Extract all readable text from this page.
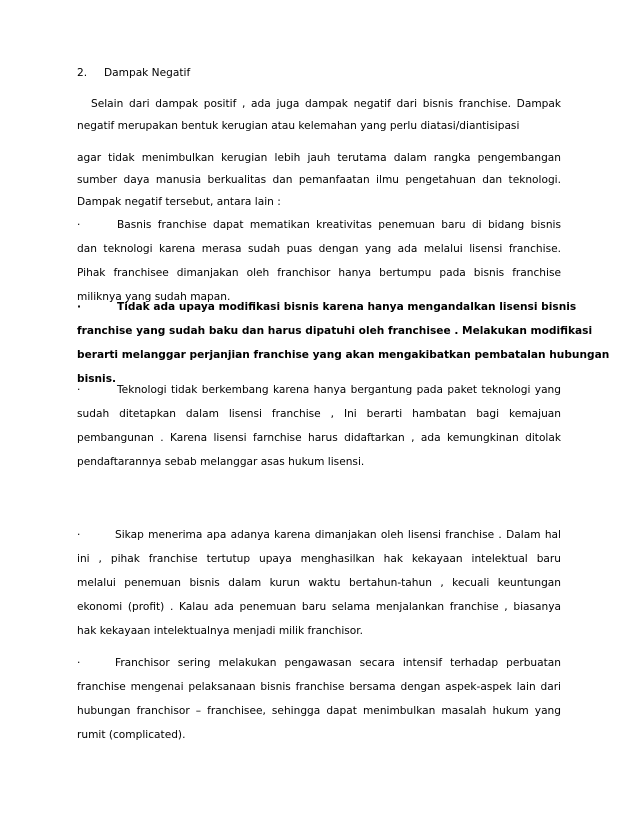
2. Dampak Negatif
Selain dari dampak positif , ada juga dampak negatif dari bisnis franchise. Dampak
negatif merupakan bentuk kerugian atau kelemahan yang perlu diatasi/diantisipasi
agar tidak menimbulkan kerugian lebih jauh terutama dalam rangka pengembangan
sumber daya manusia berkualitas dan pemanfaatan ilmu pengetahuan dan teknologi.
Dampak negatif tersebut, antara lain :
·	Basnis franchise dapat mematikan kreativitas penemuan baru di bidang bisnis
dan teknologi karena merasa sudah puas dengan yang ada melalui lisensi franchise.
Pihak franchisee dimanjakan oleh franchisor hanya bertumpu pada bisnis franchise
miliknya yang sudah mapan.
·	Tidak ada upaya modifikasi bisnis karena hanya mengandalkan lisensi bisnis
franchise yang sudah baku dan harus dipatuhi oleh franchisee . Melakukan modifikasi
berarti melanggar perjanjian franchise yang akan mengakibatkan pembatalan hubungan
bisnis.
·	Teknologi tidak berkembang karena hanya bergantung pada paket teknologi yang
sudah ditetapkan dalam lisensi franchise , Ini berarti hambatan bagi kemajuan
pembangunan . Karena lisensi farnchise harus didaftarkan , ada kemungkinan ditolak
pendaftarannya sebab melanggar asas hukum lisensi.
·	Sikap menerima apa adanya karena dimanjakan oleh lisensi franchise . Dalam hal
ini , pihak franchise tertutup upaya menghasilkan hak kekayaan intelektual baru
melalui penemuan bisnis dalam kurun waktu bertahun-tahun , kecuali keuntungan
ekonomi (profit) . Kalau ada penemuan baru selama menjalankan franchise , biasanya
hak kekayaan intelektualnya menjadi milik franchisor.
·	Franchisor sering melakukan pengawasan secara intensif terhadap perbuatan
franchise mengenai pelaksanaan bisnis franchise bersama dengan aspek-aspek lain dari
hubungan franchisor – franchisee, sehingga dapat menimbulkan masalah hukum yang
rumit (complicated).
